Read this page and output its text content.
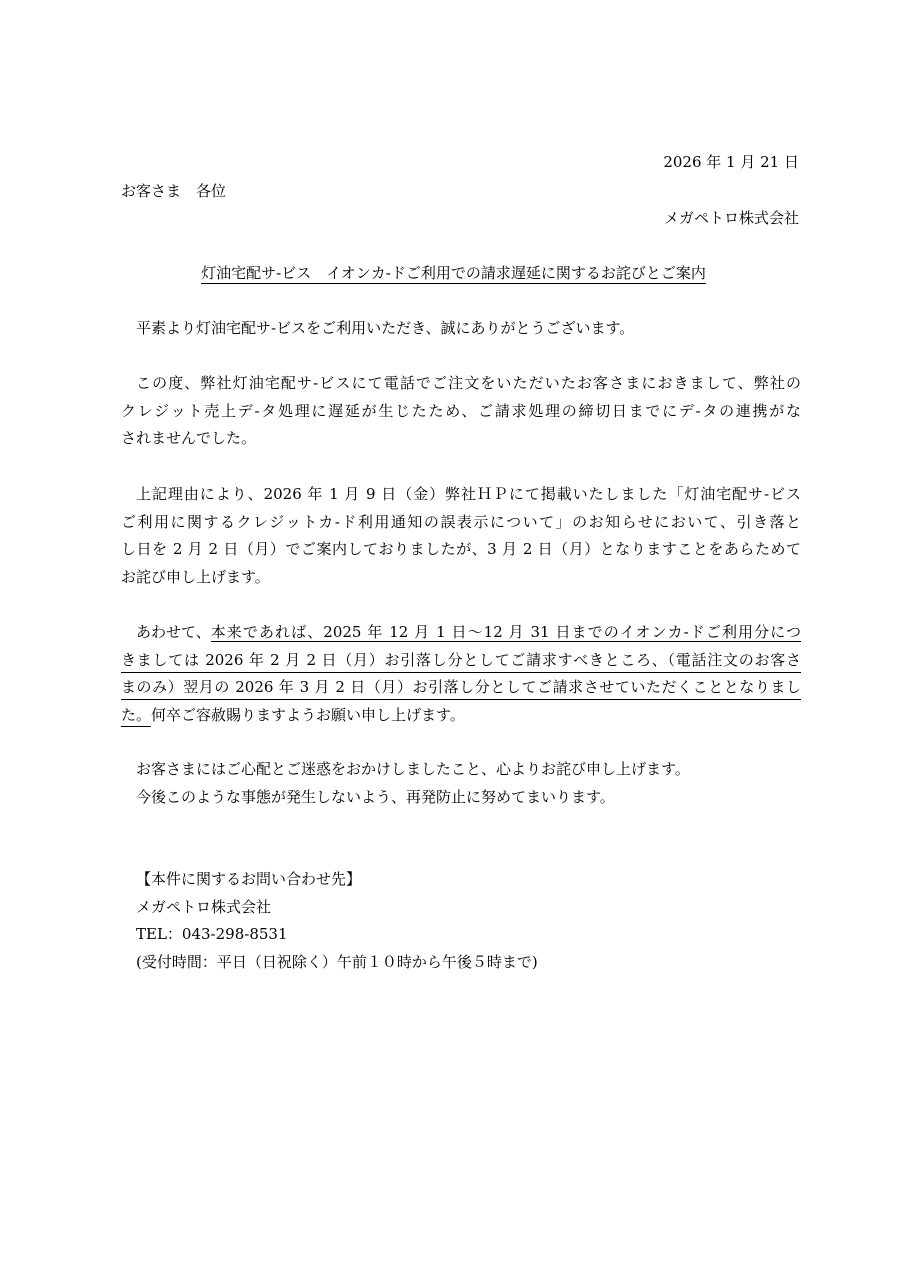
2026 年 1 月 21 日
お客さま　各位
メガペトロ株式会社
灯油宅配サ-ビス　イオンカ-ドご利用での請求遅延に関するお詫びとご案内
平素より灯油宅配サ-ビスをご利用いただき、誠にありがとうございます。
この度、弊社灯油宅配サ-ビスにて電話でご注文をいただいたお客さまにおきまして、弊社の
クレジット売上デ-タ処理に遅延が生じたため、ご請求処理の締切日までにデ-タの連携がな
されませんでした。
上記理由により、2026 年 1 月 9 日（金）弊社ＨＰにて掲載いたしました「灯油宅配サ-ビス
ご利用に関するクレジットカ-ド利用通知の誤表示について」のお知らせにおいて、引き落と
し日を 2 月 2 日（月）でご案内しておりましたが、3 月 2 日（月）となりますことをあらためて
お詫び申し上げます。
あわせて、 本来であれば、2025 年 12 月 1 日～12 月 31 日までのイオンカ-ドご利用分につ
きましては 2026 年 2 月 2 日（月）お引落し分としてご請求すべきところ、（電話注文のお客さ
まのみ）翌月の 2026 年 3 月 2 日（月）お引落し分としてご請求させていただくこととなりまし
た。何卒ご容赦賜りますようお願い申し上げます。
お客さまにはご心配とご迷惑をおかけしましたこと、心よりお詫び申し上げます。
今後このような事態が発生しないよう、再発防止に努めてまいります。
【本件に関するお問い合わせ先】
メガペトロ株式会社
TEL：043-298-8531
(受付時間：平日（日祝除く）午前１０時から午後５時まで)
